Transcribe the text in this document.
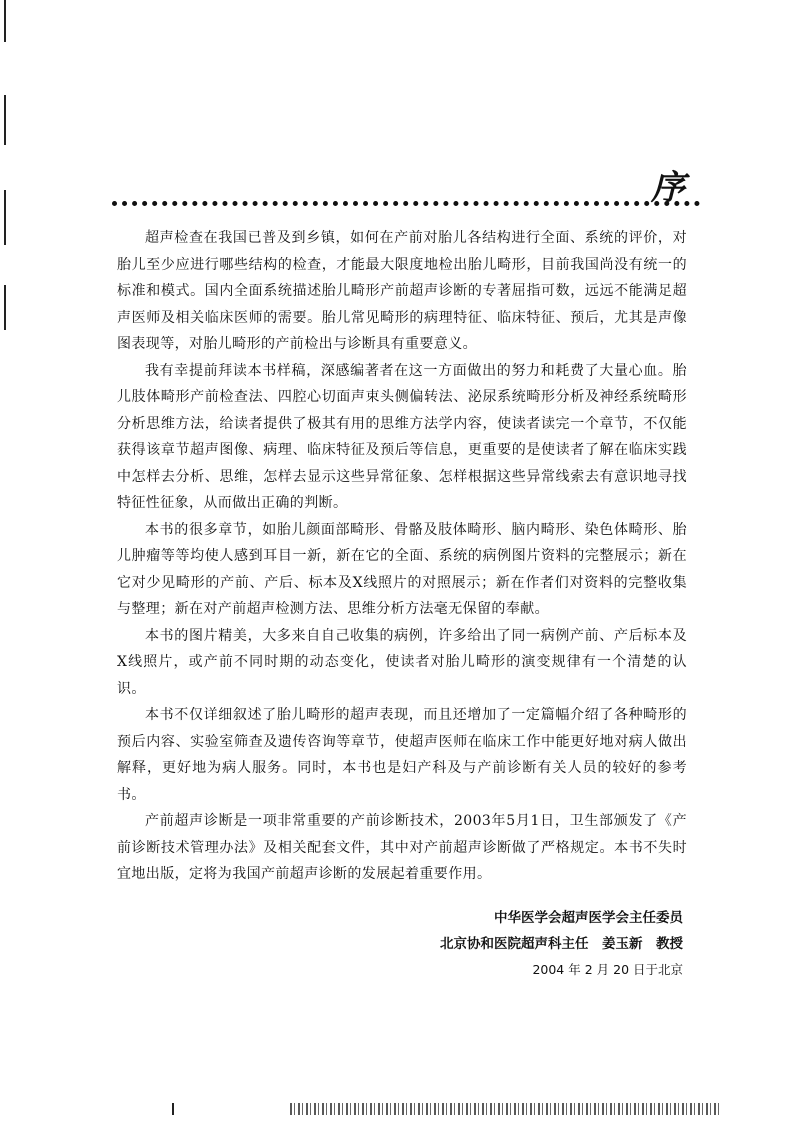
序

超声检查在我国已普及到乡镇，如何在产前对胎儿各结构进行全面、系统的评价，对胎儿至少应进行哪些结构的检查，才能最大限度地检出胎儿畸形，目前我国尚没有统一的标准和模式。国内全面系统描述胎儿畸形产前超声诊断的专著屈指可数，远远不能满足超声医师及相关临床医师的需要。胎儿常见畸形的病理特征、临床特征、预后，尤其是声像图表现等，对胎儿畸形的产前检出与诊断具有重要意义。

我有幸提前拜读本书样稿，深感编著者在这一方面做出的努力和耗费了大量心血。胎儿肢体畸形产前检查法、四腔心切面声束头侧偏转法、泌尿系统畸形分析及神经系统畸形分析思维方法，给读者提供了极其有用的思维方法学内容，使读者读完一个章节，不仅能获得该章节超声图像、病理、临床特征及预后等信息，更重要的是使读者了解在临床实践中怎样去分析、思维，怎样去显示这些异常征象、怎样根据这些异常线索去有意识地寻找特征性征象，从而做出正确的判断。

本书的很多章节，如胎儿颜面部畸形、骨骼及肢体畸形、脑内畸形、染色体畸形、胎儿肿瘤等等均使人感到耳目一新，新在它的全面、系统的病例图片资料的完整展示；新在它对少见畸形的产前、产后、标本及X线照片的对照展示；新在作者们对资料的完整收集与整理；新在对产前超声检测方法、思维分析方法毫无保留的奉献。

本书的图片精美，大多来自自己收集的病例，许多给出了同一病例产前、产后标本及X线照片，或产前不同时期的动态变化，使读者对胎儿畸形的演变规律有一个清楚的认识。

本书不仅详细叙述了胎儿畸形的超声表现，而且还增加了一定篇幅介绍了各种畸形的预后内容、实验室筛查及遗传咨询等章节，使超声医师在临床工作中能更好地对病人做出解释，更好地为病人服务。同时，本书也是妇产科及与产前诊断有关人员的较好的参考书。

产前超声诊断是一项非常重要的产前诊断技术，2003年5月1日，卫生部颁发了《产前诊断技术管理办法》及相关配套文件，其中对产前超声诊断做了严格规定。本书不失时宜地出版，定将为我国产前超声诊断的发展起着重要作用。

中华医学会超声医学会主任委员
北京协和医院超声科主任　姜玉新　教授
2004 年 2 月 20 日于北京
